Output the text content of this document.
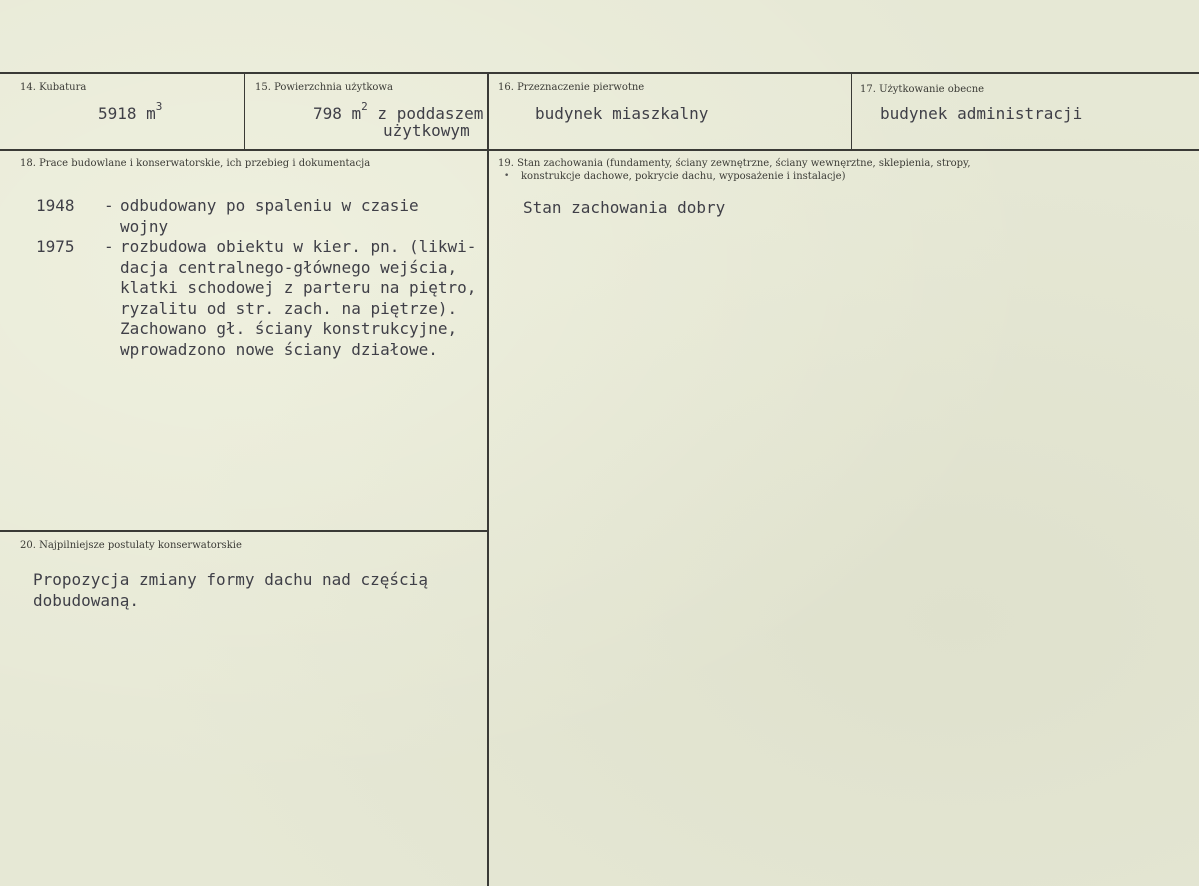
14. Kubatura
5918 $m^3$
15. Powierzchnia użytkowa
798 $m^2$ z poddaszem
użytkowym
16. Przeznaczenie pierwotne
budynek miaszkalny
17. Użytkowanie obecne
budynek administracji
18. Prace budowlane i konserwatorskie, ich przebieg i dokumentacja
1948 - odbudowany po spaleniu w czasie
wojny
1975 - rozbudowa obiektu w kier. pn. (likwi-
dacja centralnego-głównego wejścia,
klatki schodowej z parteru na piętro,
ryzalitu od str. zach. na piętrze).
Zachowano gł. ściany konstrukcyjne,
wprowadzono nowe ściany działowe.
19. Stan zachowania (fundamenty, ściany zewnętrzne, ściany wewnęrztne, sklepienia, stropy,
• konstrukcje dachowe, pokrycie dachu, wyposażenie i instalacje)
Stan zachowania dobry
20. Najpilniejsze postulaty konserwatorskie
Propozycja zmiany formy dachu nad częścią
dobudowaną.
